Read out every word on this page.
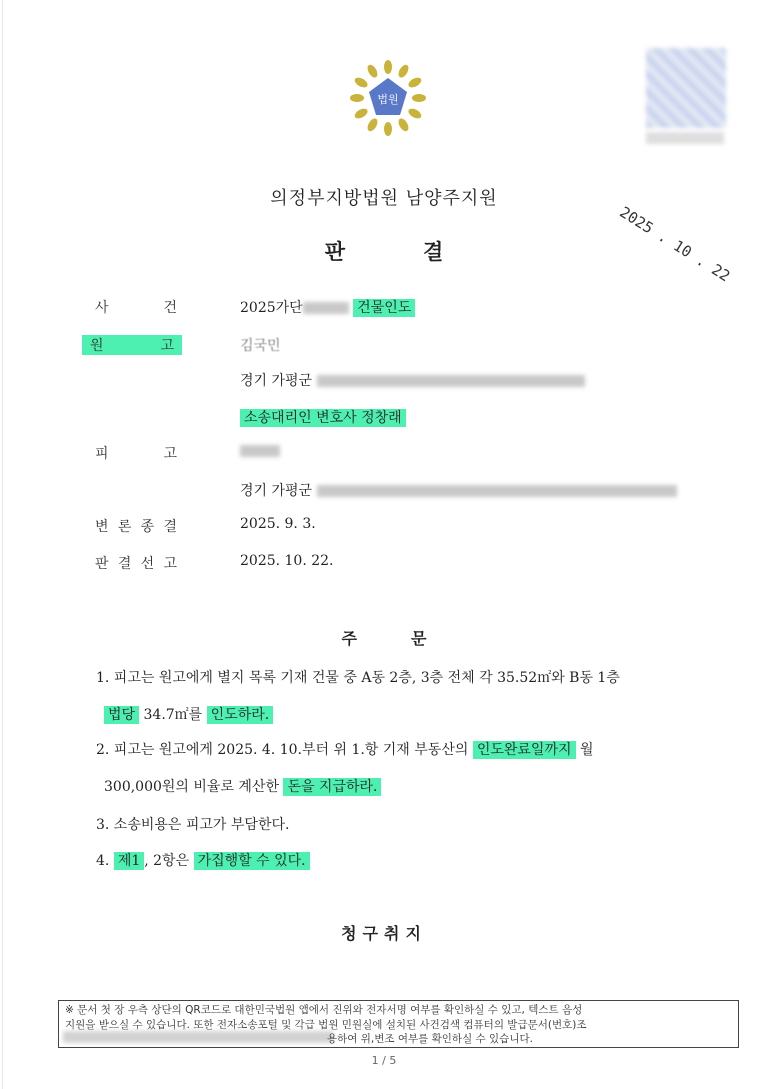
법원
의정부지방법원 남양주지원
2025 . 10 . 22
판결
사	건	2025가단	건물인도
원	고	김국민
경기 가평군
소송대리인 변호사 정창래
피	고
경기 가평군
변 론 종 결	2025. 9. 3.
판 결 선 고	2025. 10. 22.
주문
1. 피고는 원고에게 별지 목록 기재 건물 중 A동 2층, 3층 전체 각 35.52㎡와 B동 1층
법당 34.7㎡를 인도하라.
2. 피고는 원고에게 2025. 4. 10.부터 위 1.항 기재 부동산의 인도완료일까지 월
300,000원의 비율로 계산한 돈을 지급하라.
3. 소송비용은 피고가 부담한다.
4. 제1 , 2항은 가집행할 수 있다.
청구취지
※ 문서 첫 장 우측 상단의 QR코드로 대한민국법원 앱에서 진위와 전자서명 여부를 확인하실 수 있고, 텍스트 음성
지원을 받으실 수 있습니다. 또한 전자소송포털 및 각급 법원 민원실에 설치된 사건검색 컴퓨터의 발급문서(번호)조
용하여 위,변조 여부를 확인하실 수 있습니다.
1 / 5
